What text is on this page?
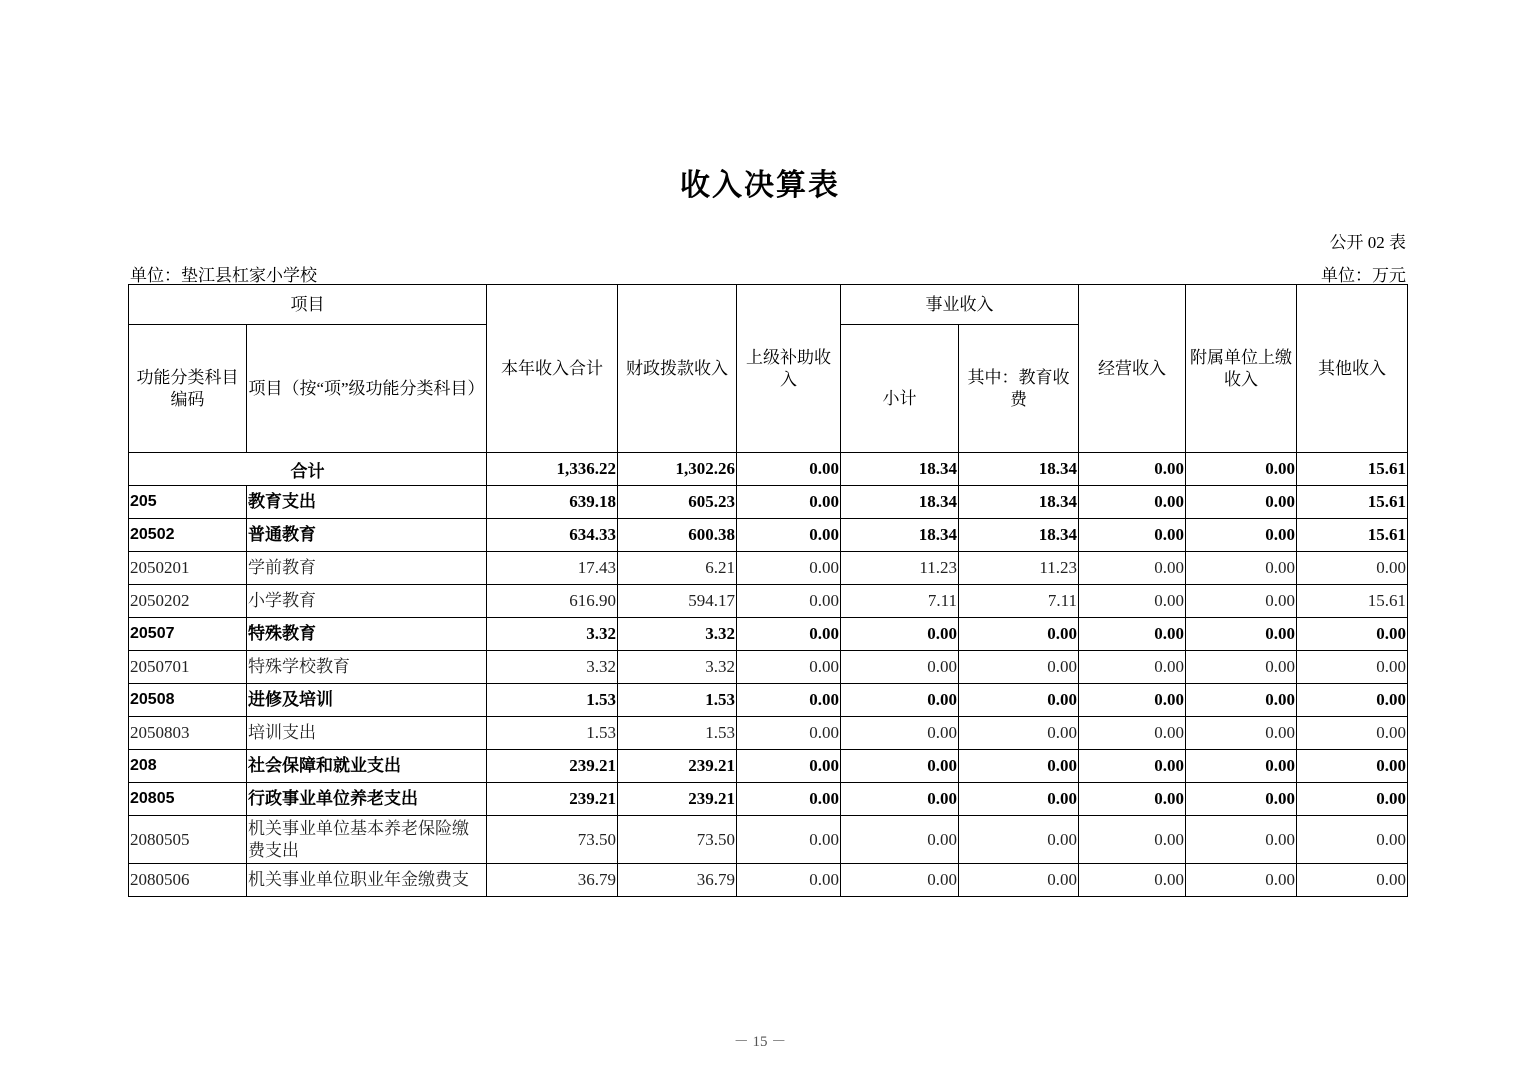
收入决算表
公开 02 表
单位：垫江县杠家小学校	单位：万元
项目		本年收入合计	财政拨款收入	上级补助收入	事业收入		经营收入	附属单位上缴收入	其他收入
功能分类科目编码	项目（按“项”级功能分类科目）				小计	其中：教育收费			
合计		1,336.22	1,302.26	0.00	18.34	18.34	0.00	0.00	15.61
205	教育支出	639.18	605.23	0.00	18.34	18.34	0.00	0.00	15.61
20502	普通教育	634.33	600.38	0.00	18.34	18.34	0.00	0.00	15.61
2050201	学前教育	17.43	6.21	0.00	11.23	11.23	0.00	0.00	0.00
2050202	小学教育	616.90	594.17	0.00	7.11	7.11	0.00	0.00	15.61
20507	特殊教育	3.32	3.32	0.00	0.00	0.00	0.00	0.00	0.00
2050701	特殊学校教育	3.32	3.32	0.00	0.00	0.00	0.00	0.00	0.00
20508	进修及培训	1.53	1.53	0.00	0.00	0.00	0.00	0.00	0.00
2050803	培训支出	1.53	1.53	0.00	0.00	0.00	0.00	0.00	0.00
208	社会保障和就业支出	239.21	239.21	0.00	0.00	0.00	0.00	0.00	0.00
20805	行政事业单位养老支出	239.21	239.21	0.00	0.00	0.00	0.00	0.00	0.00
2080505	机关事业单位基本养老保险缴费支出	73.50	73.50	0.00	0.00	0.00	0.00	0.00	0.00
2080506	机关事业单位职业年金缴费支	36.79	36.79	0.00	0.00	0.00	0.00	0.00	0.00
－ 15 －
